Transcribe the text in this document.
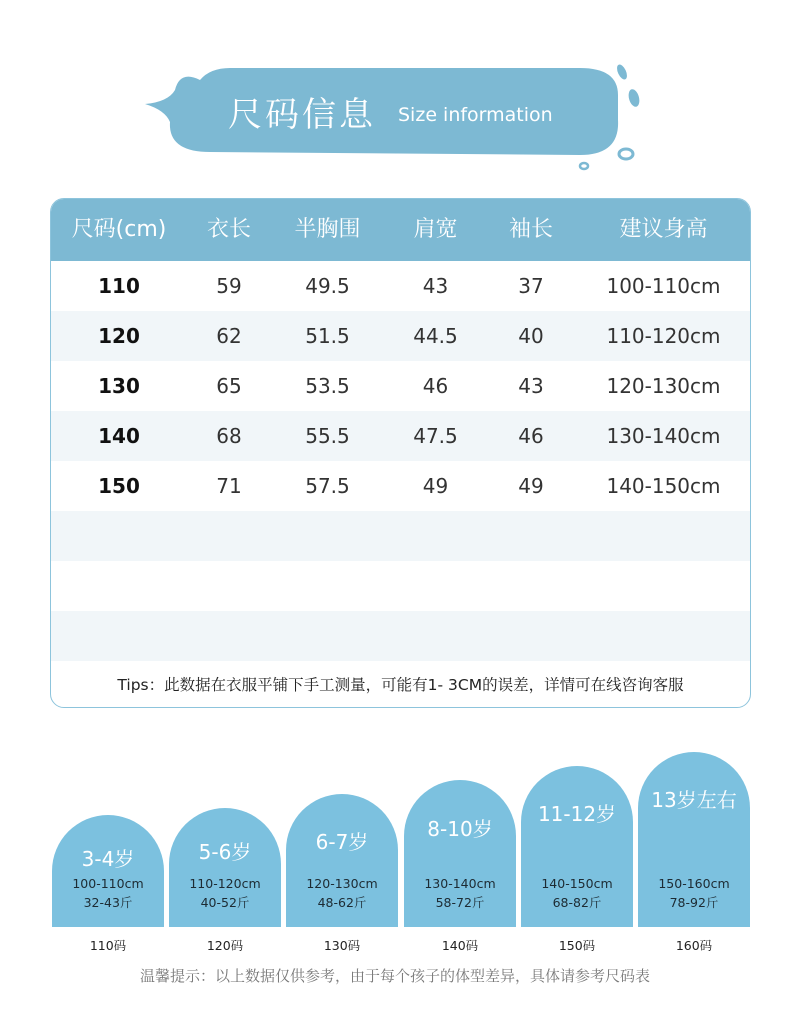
尺码信息 Size information
尺码(cm)	衣长	半胸围	肩宽	袖长	建议身高
110	59	49.5	43	37	100-110cm
120	62	51.5	44.5	40	110-120cm
130	65	53.5	46	43	120-130cm
140	68	55.5	47.5	46	130-140cm
150	71	57.5	49	49	140-150cm
Tips：此数据在衣服平铺下手工测量，可能有1- 3CM的误差，详情可在线咨询客服
3-4岁
100-110cm
32-43斤
5-6岁
110-120cm
40-52斤
6-7岁
120-130cm
48-62斤
8-10岁
130-140cm
58-72斤
11-12岁
140-150cm
68-82斤
13岁左右
150-160cm
78-92斤
110码	120码	130码	140码	150码	160码
温馨提示：以上数据仅供参考，由于每个孩子的体型差异，具体请参考尺码表
